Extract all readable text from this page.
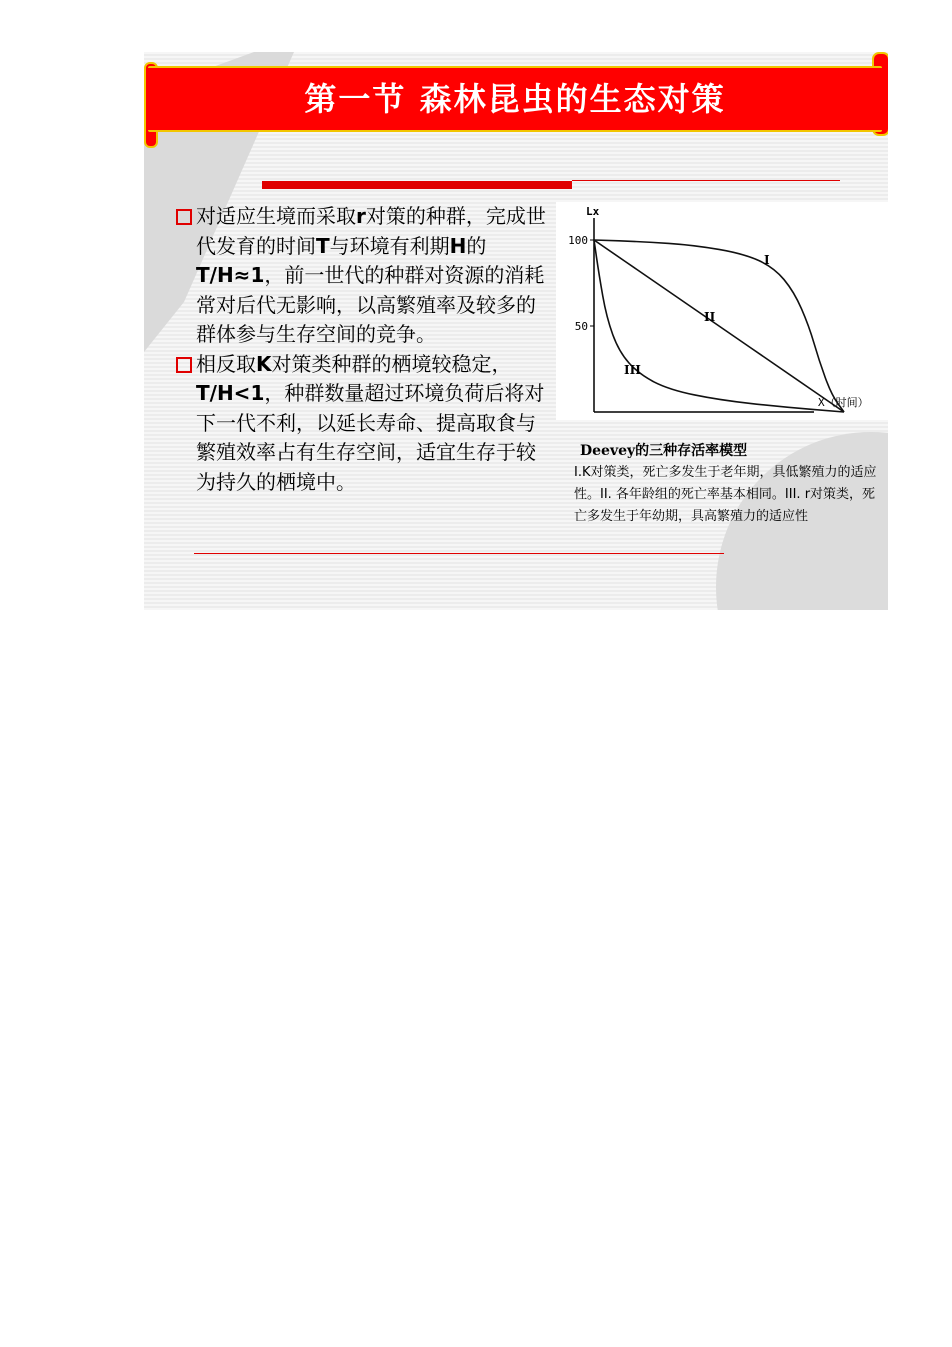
第一节 森林昆虫的生态对策
对适应生境而采取r对策的种群，完成世代发育的时间T与环境有利期H的 T/H≈1，前一世代的种群对资源的消耗常对后代无影响，以高繁殖率及较多的群体参与生存空间的竞争。
相反取K对策类种群的栖境较稳定，T/H<1，种群数量超过环境负荷后将对下一代不利，以延长寿命、提高取食与繁殖效率占有生存空间，适宜生存于较为持久的栖境中。
100
50
Lx
X（时间）
I
II
III
Deevey的三种存活率模型
I.K对策类，死亡多发生于老年期，具低繁殖力的适应性。II. 各年龄组的死亡率基本相同。III. r对策类，死亡多发生于年幼期，具高繁殖力的适应性
